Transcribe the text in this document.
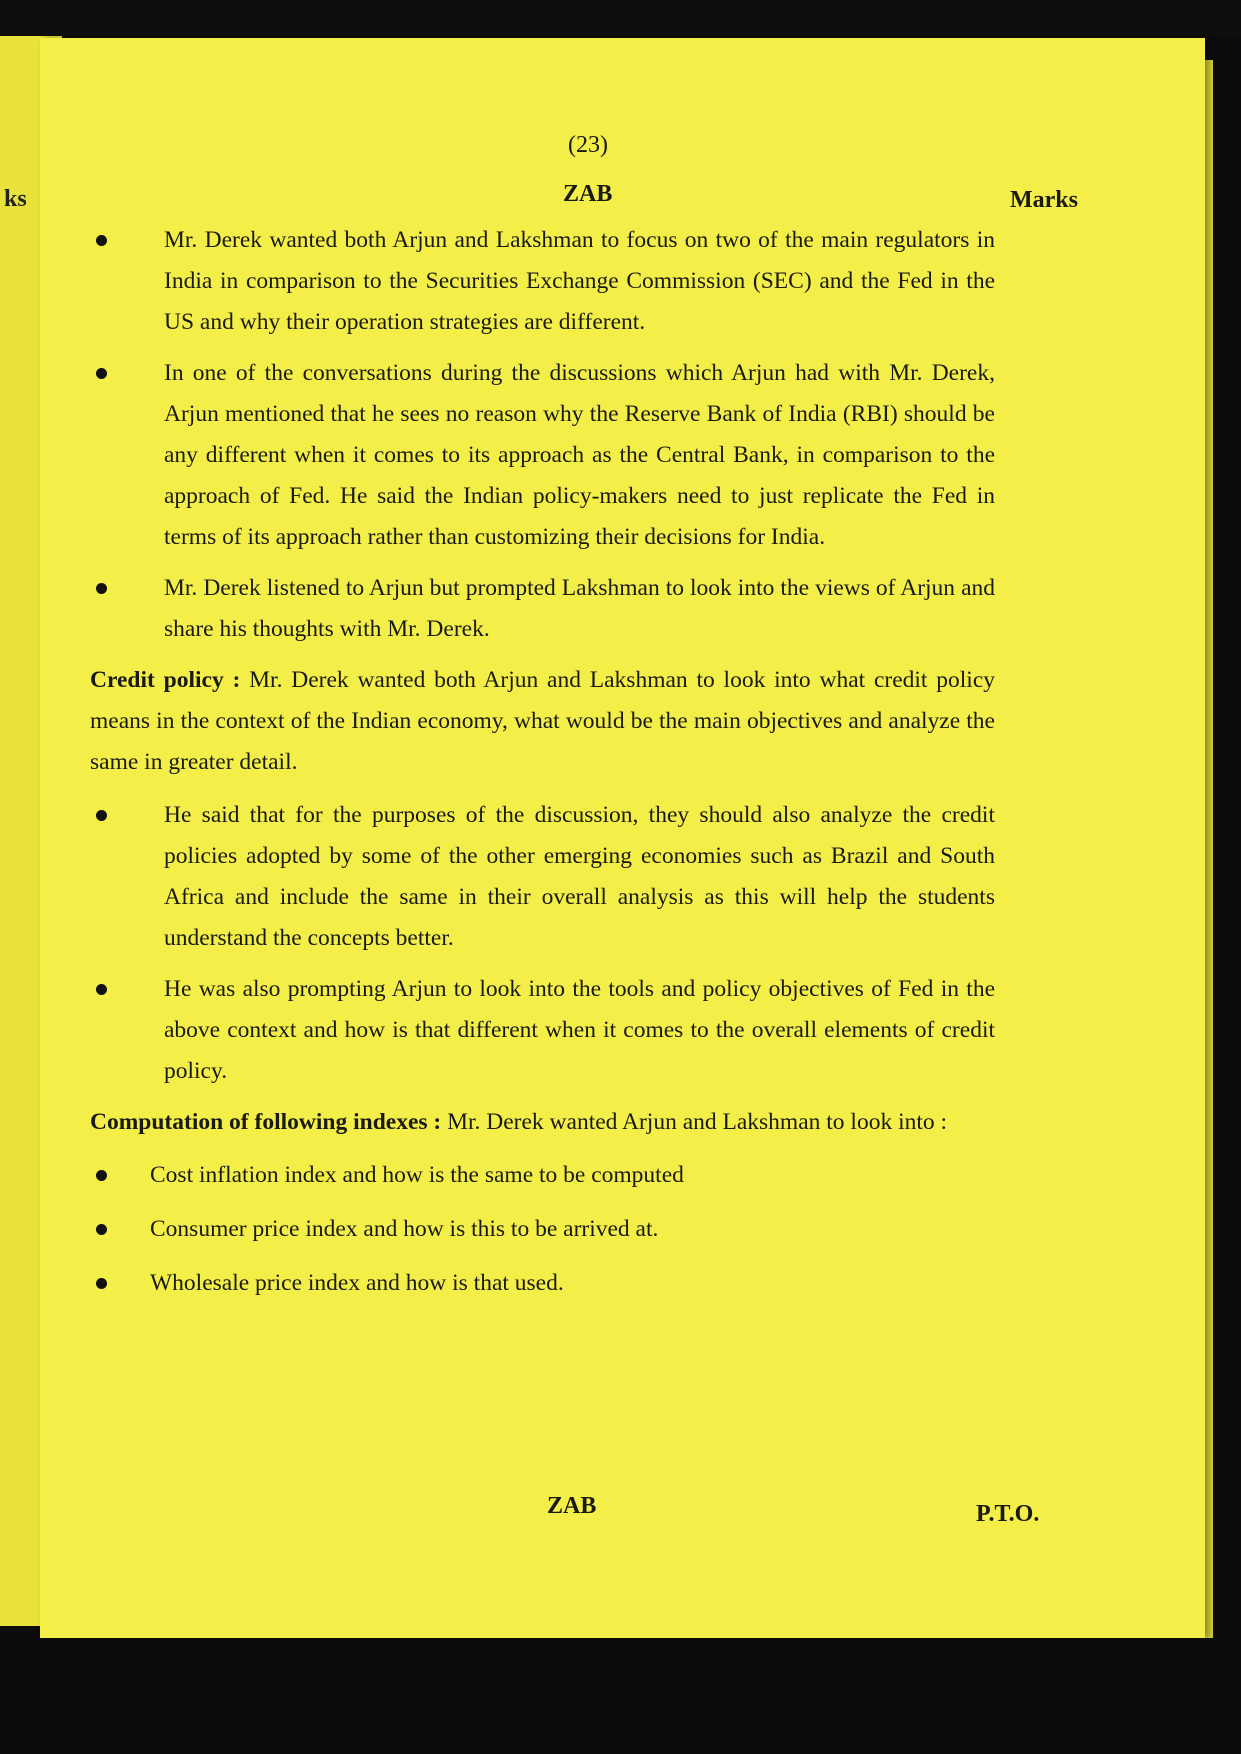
ks
(23)
ZAB	Marks
Mr. Derek wanted both Arjun and Lakshman to focus on two of the main regulators in India in comparison to the Securities Exchange Commission (SEC) and the Fed in the US and why their operation strategies are different.
In one of the conversations during the discussions which Arjun had with Mr. Derek, Arjun mentioned that he sees no reason why the Reserve Bank of India (RBI) should be any different when it comes to its approach as the Central Bank, in comparison to the approach of Fed. He said the Indian policy-makers need to just replicate the Fed in terms of its approach rather than customizing their decisions for India.
Mr. Derek listened to Arjun but prompted Lakshman to look into the views of Arjun and share his thoughts with Mr. Derek.

Credit policy : Mr. Derek wanted both Arjun and Lakshman to look into what credit policy means in the context of the Indian economy, what would be the main objectives and analyze the same in greater detail.

He said that for the purposes of the discussion, they should also analyze the credit policies adopted by some of the other emerging economies such as Brazil and South Africa and include the same in their overall analysis as this will help the students understand the concepts better.
He was also prompting Arjun to look into the tools and policy objectives of Fed in the above context and how is that different when it comes to the overall elements of credit policy.

Computation of following indexes : Mr. Derek wanted Arjun and Lakshman to look into :

Cost inflation index and how is the same to be computed
Consumer price index and how is this to be arrived at.
Wholesale price index and how is that used.
ZAB	P.T.O.
